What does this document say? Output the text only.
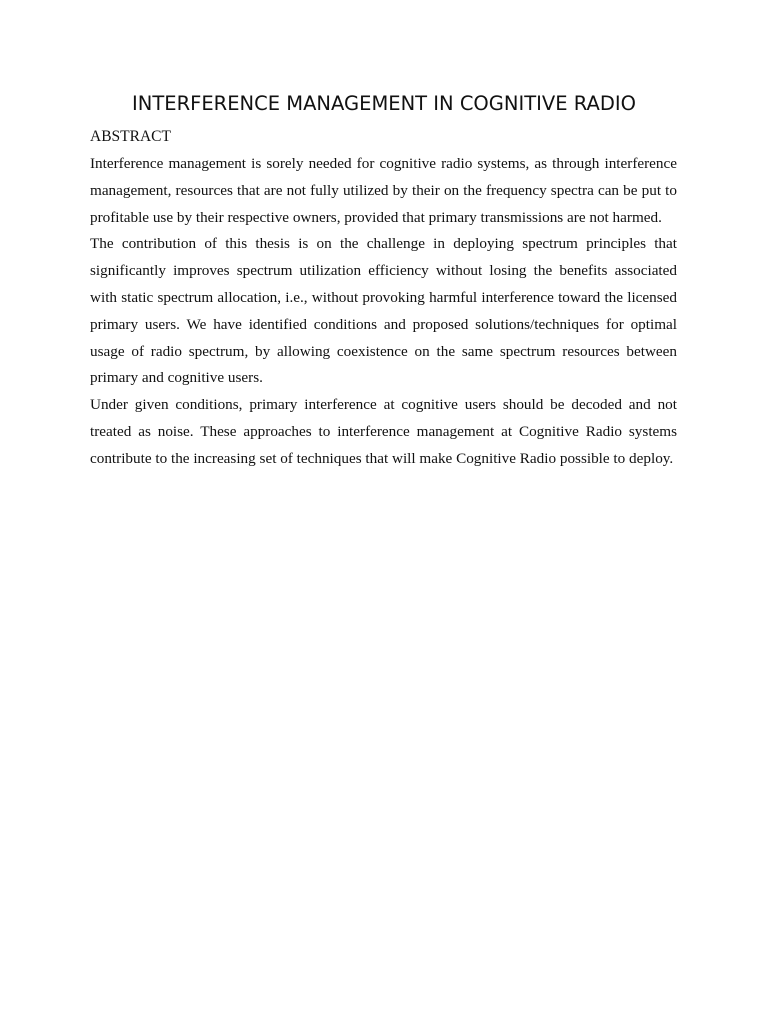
INTERFERENCE MANAGEMENT IN COGNITIVE RADIO
ABSTRACT

Interference management is sorely needed for cognitive radio systems, as through interference management, resources that are not fully utilized by their on the frequency spectra can be put to profitable use by their respective owners, provided that primary transmissions are not harmed.

The contribution of this thesis is on the challenge in deploying spectrum principles that significantly improves spectrum utilization efficiency without losing the benefits associated with static spectrum allocation, i.e., without provoking harmful interference toward the licensed primary users. We have identified conditions and proposed solutions/techniques for optimal usage of radio spectrum, by allowing coexistence on the same spectrum resources between primary and cognitive users.

Under given conditions, primary interference at cognitive users should be decoded and not treated as noise. These approaches to interference management at Cognitive Radio systems contribute to the increasing set of techniques that will make Cognitive Radio possible to deploy.
